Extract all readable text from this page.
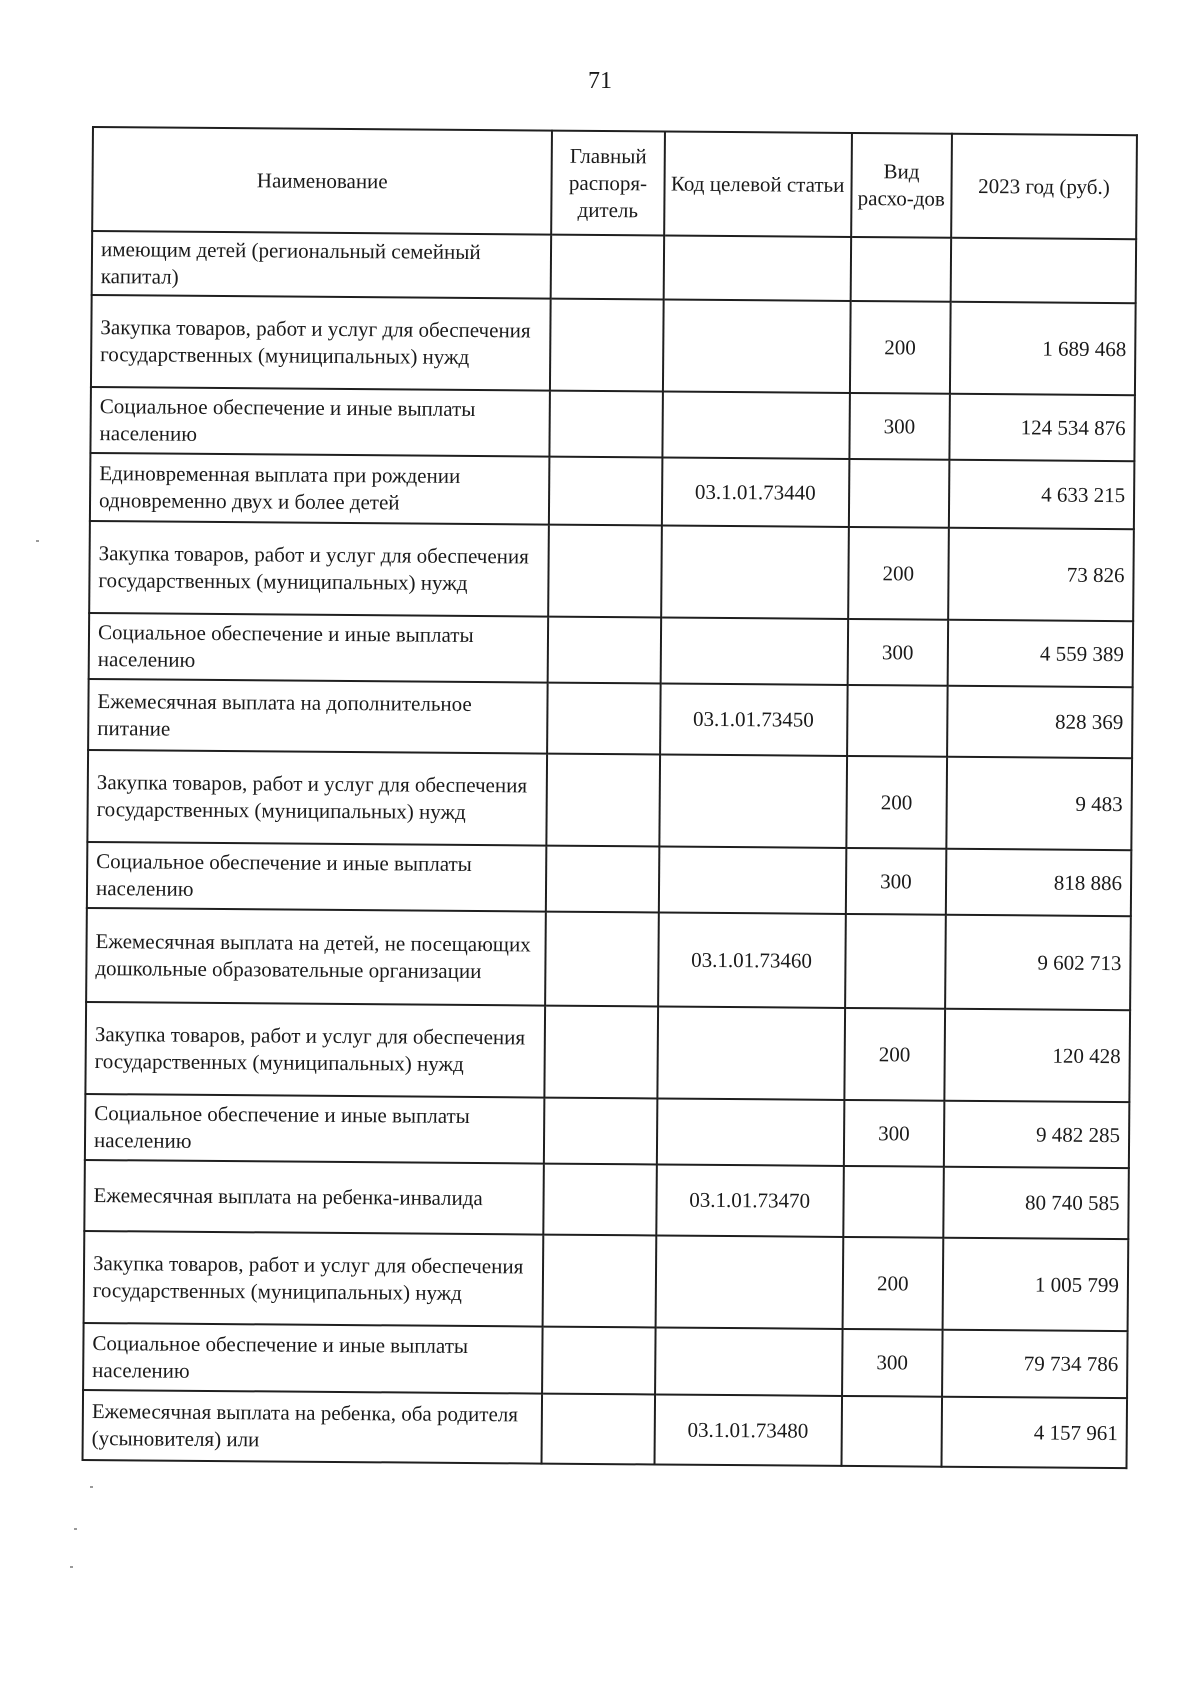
71
Наименование	Главный распоря-дитель	Код целевой статьи	Вид расхо-дов	2023 год (руб.)
имеющим детей (региональный семейный капитал)				
Закупка товаров, работ и услуг для обеспечения государственных (муниципальных) нужд			200	1 689 468
Социальное обеспечение и иные выплаты населению			300	124 534 876
Единовременная выплата при рождении одновременно двух и более детей		03.1.01.73440		4 633 215
Закупка товаров, работ и услуг для обеспечения государственных (муниципальных) нужд			200	73 826
Социальное обеспечение и иные выплаты населению			300	4 559 389
Ежемесячная выплата на дополнительное питание		03.1.01.73450		828 369
Закупка товаров, работ и услуг для обеспечения государственных (муниципальных) нужд			200	9 483
Социальное обеспечение и иные выплаты населению			300	818 886
Ежемесячная выплата на детей, не посещающих дошкольные образовательные организации		03.1.01.73460		9 602 713
Закупка товаров, работ и услуг для обеспечения государственных (муниципальных) нужд			200	120 428
Социальное обеспечение и иные выплаты населению			300	9 482 285
Ежемесячная выплата на ребенка-инвалида		03.1.01.73470		80 740 585
Закупка товаров, работ и услуг для обеспечения государственных (муниципальных) нужд			200	1 005 799
Социальное обеспечение и иные выплаты населению			300	79 734 786
Ежемесячная выплата на ребенка, оба родителя (усыновителя) или		03.1.01.73480		4 157 961
